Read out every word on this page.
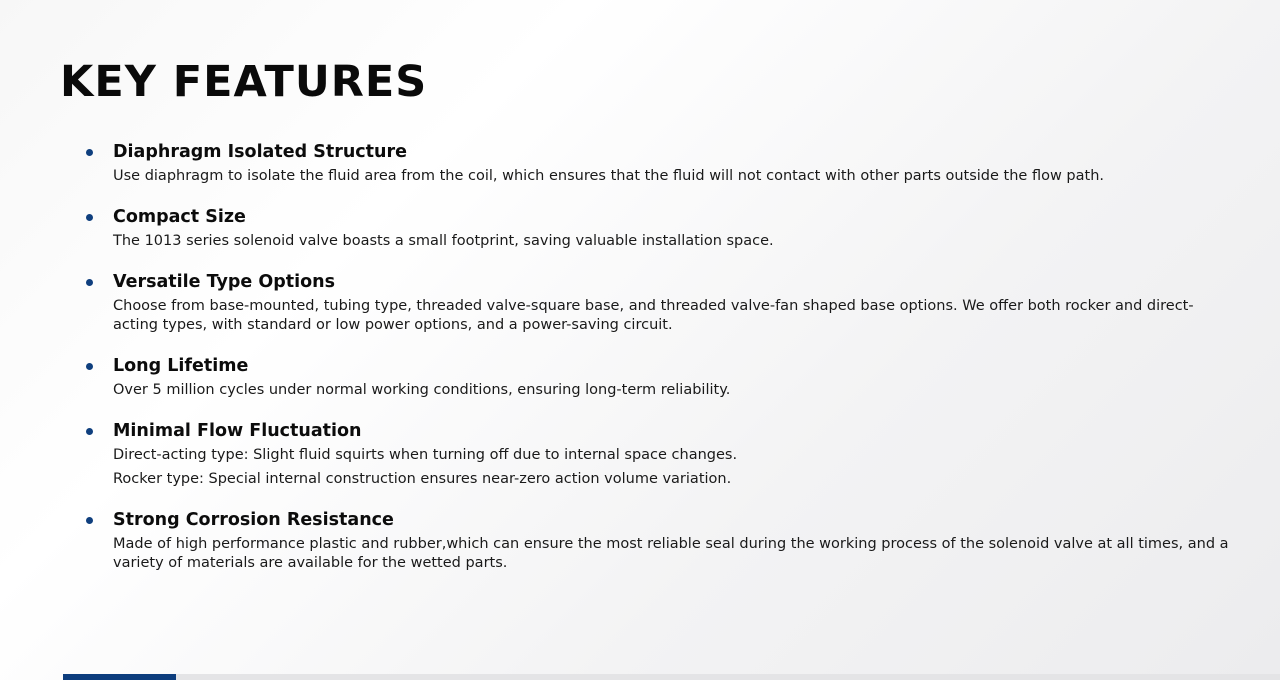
KEY FEATURES
Diaphragm Isolated Structure
Use diaphragm to isolate the fluid area from the coil, which ensures that the fluid will not contact with other parts outside the flow path.
Compact Size
The 1013 series solenoid valve boasts a small footprint, saving valuable installation space.
Versatile Type Options
Choose from base-mounted, tubing type, threaded valve-square base, and threaded valve-fan shaped base options. We offer both rocker and direct-acting types, with standard or low power options, and a power-saving circuit.
Long Lifetime
Over 5 million cycles under normal working conditions, ensuring long-term reliability.
Minimal Flow Fluctuation
Direct-acting type: Slight fluid squirts when turning off due to internal space changes.
Rocker type: Special internal construction ensures near-zero action volume variation.
Strong Corrosion Resistance
Made of high performance plastic and rubber,which can ensure the most reliable seal during the working process of the solenoid valve at all times, and a variety of materials are available for the wetted parts.
